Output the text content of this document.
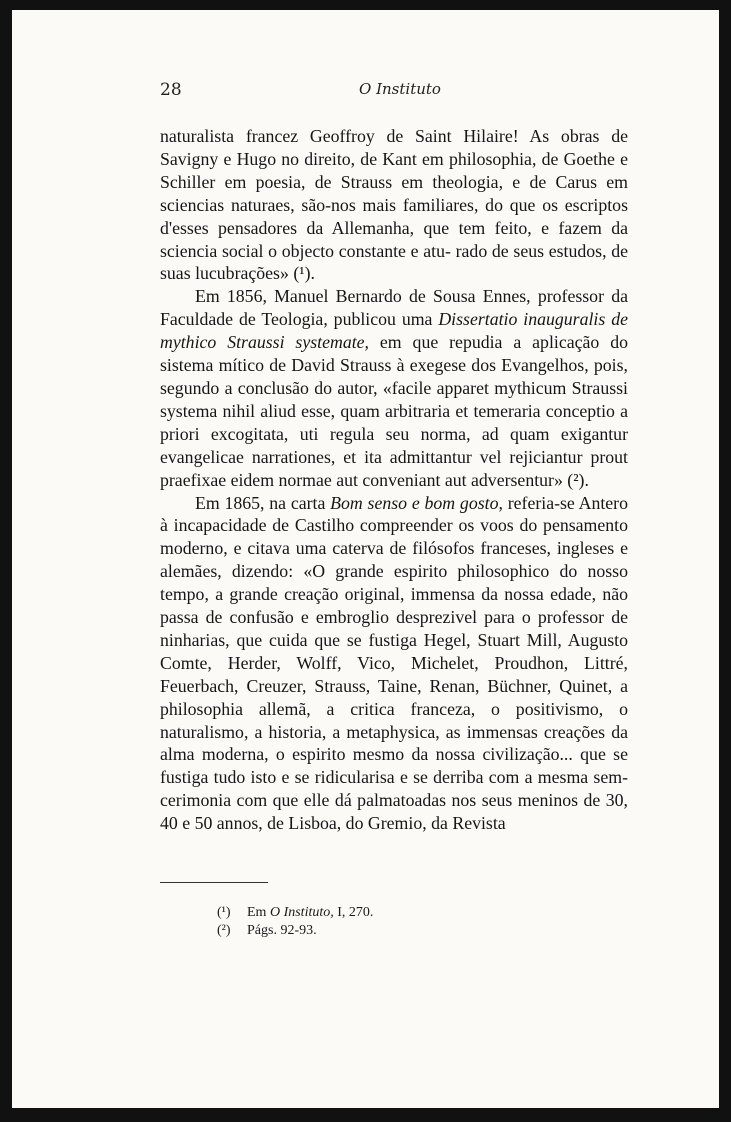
28	O Instituto

naturalista francez Geoffroy de Saint Hilaire! As obras de Savigny e Hugo no direito, de Kant em philosophia, de Goethe e Schiller em poesia, de Strauss em theologia, e de Carus em sciencias naturaes, são-nos mais familiares, do que os escriptos d'esses pensadores da Allemanha, que tem feito, e fazem da sciencia social o objecto constante e atu- rado de seus estudos, de suas lucubrações» (¹).

Em 1856, Manuel Bernardo de Sousa Ennes, professor da Faculdade de Teologia, publicou uma Dissertatio inauguralis de mythico Straussi systemate, em que repudia a aplicação do sistema mítico de David Strauss à exegese dos Evangelhos, pois, segundo a conclusão do autor, «facile apparet mythicum Straussi systema nihil aliud esse, quam arbitraria et temeraria conceptio a priori excogitata, uti regula seu norma, ad quam exigantur evangelicae narrationes, et ita admittantur vel rejiciantur prout praefixae eidem normae aut conveniant aut adversentur» (²).

Em 1865, na carta Bom senso e bom gosto, referia-se Antero à incapacidade de Castilho compreender os voos do pensamento moderno, e citava uma caterva de filósofos franceses, ingleses e alemães, dizendo: «O grande espirito philosophico do nosso tempo, a grande creação original, immensa da nossa edade, não passa de confusão e embroglio desprezivel para o professor de ninharias, que cuida que se fustiga Hegel, Stuart Mill, Augusto Comte, Herder, Wolff, Vico, Michelet, Proudhon, Littré, Feuerbach, Creuzer, Strauss, Taine, Renan, Büchner, Quinet, a philosophia allemã, a critica franceza, o positivismo, o naturalismo, a historia, a metaphysica, as immensas creações da alma moderna, o espirito mesmo da nossa civilização... que se fustiga tudo isto e se ridicularisa e se derriba com a mesma sem-cerimonia com que elle dá palmatoadas nos seus meninos de 30, 40 e 50 annos, de Lisboa, do Gremio, da Revista

(¹) Em O Instituto, I, 270.
(²) Págs. 92-93.
